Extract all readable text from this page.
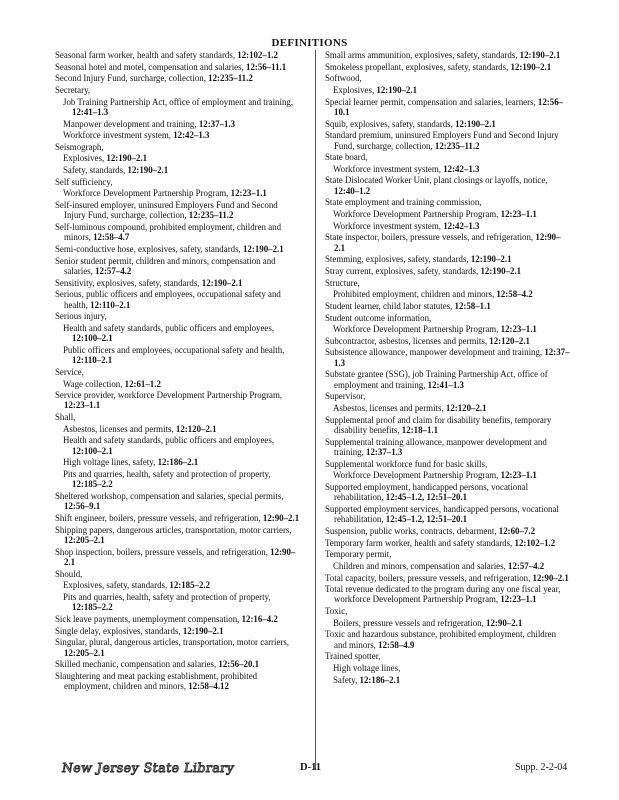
DEFINITIONS

Seasonal farm worker, health and safety standards, 12:102–1.2

Seasonal hotel and motel, compensation and salaries, 12:56–11.1

Second Injury Fund, surcharge, collection, 12:235–11.2

Secretary,

Job Training Partnership Act, office of employment and training, 12:41–1.3

Manpower development and training, 12:37–1.3

Workforce investment system, 12:42–1.3

Seismograph,

Explosives, 12:190–2.1

Safety, standards, 12:190–2.1

Self sufficiency,

Workforce Development Partnership Program, 12:23–1.1

Self-insured employer, uninsured Employers Fund and Second Injury Fund, surcharge, collection, 12:235–11.2

Self-luminous compound, prohibited employment, children and minors, 12:58–4.7

Semi-conductive hose, explosives, safety, standards, 12:190–2.1

Senior student permit, children and minors, compensation and salaries, 12:57–4.2

Sensitivity, explosives, safety, standards, 12:190–2.1

Serious, public officers and employees, occupational safety and health, 12:110–2.1

Serious injury,

Health and safety standards, public officers and employees, 12:100–2.1

Public officers and employees, occupational safety and health, 12:110–2.1

Service,

Wage collection, 12:61–1.2

Service provider, workforce Development Partnership Program, 12:23–1.1

Shall,

Asbestos, licenses and permits, 12:120–2.1

Health and safety standards, public officers and employees, 12:100–2.1

High voltage lines, safety, 12:186–2.1

Pits and quarries, health, safety and protection of property, 12:185–2.2

Sheltered workshop, compensation and salaries, special permits, 12:56–9.1

Shift engineer, boilers, pressure vessels, and refrigeration, 12:90–2.1

Shipping papers, dangerous articles, transportation, motor carriers, 12:205–2.1

Shop inspection, boilers, pressure vessels, and refrigeration, 12:90–2.1

Should,

Explosives, safety, standards, 12:185–2.2

Pits and quarries, health, safety and protection of property, 12:185–2.2

Sick leave payments, unemployment compensation, 12:16–4.2

Single delay, explosives, standards, 12:190–2.1

Singular, plural, dangerous articles, transportation, motor carriers, 12:205–2.1

Skilled mechanic, compensation and salaries, 12:56–20.1

Slaughtering and meat packing establishment, prohibited employment, children and minors, 12:58–4.12

Small arms ammunition, explosives, safety, standards, 12:190–2.1

Smokeless propellant, explosives, safety, standards, 12:190–2.1

Softwood,

Explosives, 12:190–2.1

Special learner permit, compensation and salaries, learners, 12:56–10.1

Squib, explosives, safety, standards, 12:190–2.1

Standard premium, uninsured Employers Fund and Second Injury Fund, surcharge, collection, 12:235–11.2

State board,

Workforce investment system, 12:42–1.3

State Dislocated Worker Unit, plant closings or layoffs, notice, 12:40–1.2

State employment and training commission,

Workforce Development Partnership Program, 12:23–1.1

Workforce investment system, 12:42–1.3

State inspector, boilers, pressure vessels, and refrigeration, 12:90–2.1

Stemming, explosives, safety, standards, 12:190–2.1

Stray current, explosives, safety, standards, 12:190–2.1

Structure,

Prohibited employment, children and minors, 12:58–4.2

Student learner, child labor statutes, 12:58–1.1

Student outcome information,

Workforce Development Partnership Program, 12:23–1.1

Subcontractor, asbestos, licenses and permits, 12:120–2.1

Subsistence allowance, manpower development and training, 12:37–1.3

Substate grantee (SSG), job Training Partnership Act, office of employment and training, 12:41–1.3

Supervisor,

Asbestos, licenses and permits, 12:120–2.1

Supplemental proof and claim for disability benefits, temporary disability benefits, 12:18–1.1

Supplemental training allowance, manpower development and training, 12:37–1.3

Supplemental workforce fund for basic skills,

Workforce Development Partnership Program, 12:23–1.1

Supported employment, handicapped persons, vocational rehabilitation, 12:45–1.2, 12:51–20.1

Supported employment services, handicapped persons, vocational rehabilitation, 12:45–1.2, 12:51–20.1

Suspension, public works, contracts, debarment, 12:60–7.2

Temporary farm worker, health and safety standards, 12:102–1.2

Temporary permit,

Children and minors, compensation and salaries, 12:57–4.2

Total capacity, boilers, pressure vessels, and refrigeration, 12:90–2.1

Total revenue dedicated to the program during any one fiscal year, workforce Development Partnership Program, 12:23–1.1

Toxic,

Boilers, pressure vessels and refrigeration, 12:90–2.1

Toxic and hazardous substance, prohibited employment, children and minors, 12:58–4.9

Trained spotter,

High voltage lines,

Safety, 12:186–2.1

New Jersey State Library	D-11	Supp. 2-2-04
